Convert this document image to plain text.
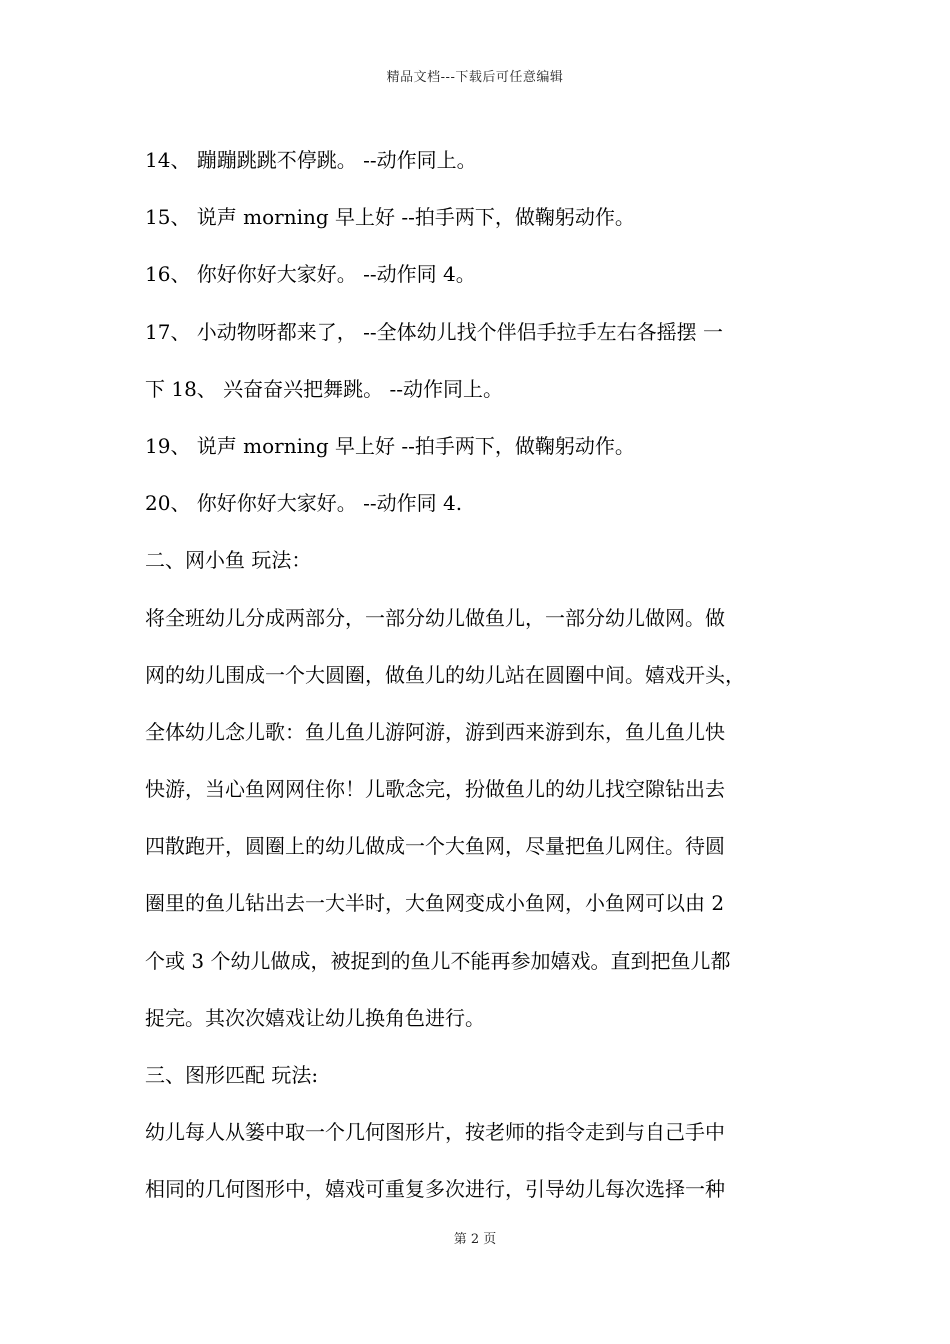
精品文档---下载后可任意编辑
14、 蹦蹦跳跳不停跳。 --动作同上。
15、 说声 morning 早上好 --拍手两下，做鞠躬动作。
16、 你好你好大家好。 --动作同 4。
17、 小动物呀都来了， --全体幼儿找个伴侣手拉手左右各摇摆 一
下 18、 兴奋奋兴把舞跳。 --动作同上。
19、 说声 morning 早上好 --拍手两下，做鞠躬动作。
20、 你好你好大家好。 --动作同 4.
二、网小鱼 玩法：
将全班幼儿分成两部分，一部分幼儿做鱼儿，一部分幼儿做网。做
网的幼儿围成一个大圆圈，做鱼儿的幼儿站在圆圈中间。嬉戏开头，
全体幼儿念儿歌：鱼儿鱼儿游阿游，游到西来游到东，鱼儿鱼儿快
快游，当心鱼网网住你！儿歌念完，扮做鱼儿的幼儿找空隙钻出去
四散跑开，圆圈上的幼儿做成一个大鱼网，尽量把鱼儿网住。待圆
圈里的鱼儿钻出去一大半时，大鱼网变成小鱼网，小鱼网可以由 2
个或 3 个幼儿做成，被捉到的鱼儿不能再参加嬉戏。直到把鱼儿都
捉完。其次次嬉戏让幼儿换角色进行。
三、图形匹配 玩法:
幼儿每人从篓中取一个几何图形片，按老师的指令走到与自己手中
相同的几何图形中，嬉戏可重复多次进行，引导幼儿每次选择一种
第 2 页
